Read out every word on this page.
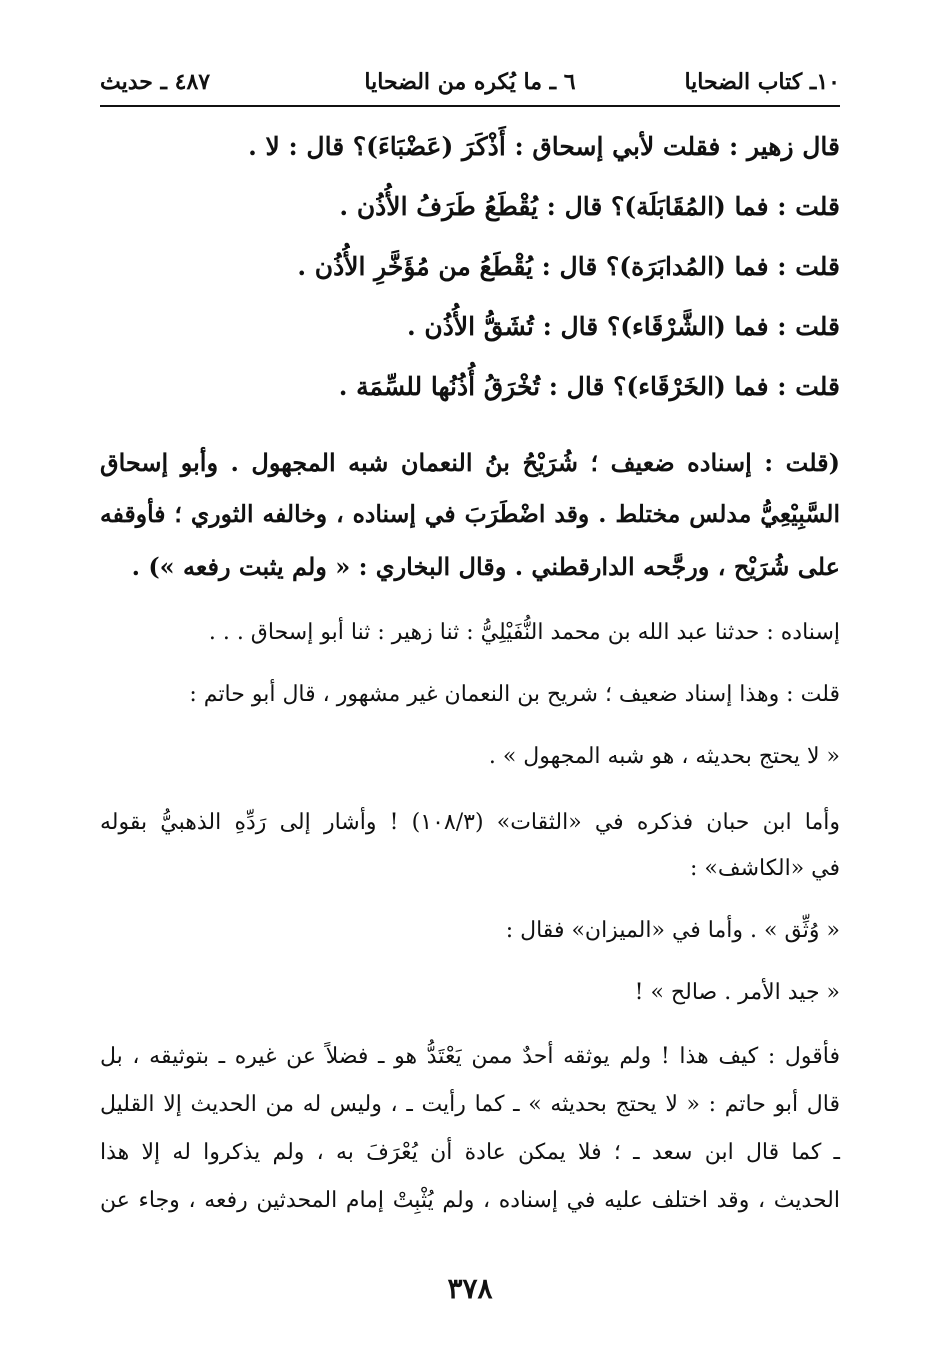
١٠ـ كتاب الضحايا
٦ ـ ما يُكره من الضحايا
٤٨٧ ـ حديث
قال زهير : فقلت لأبي إسحاق : أَذْكَرَ (عَضْبَاءَ)؟ قال : لا .
قلت : فما (المُقَابَلَة)؟ قال : يُقْطَعُ طَرَفُ الأُذُن .
قلت : فما (المُدابَرَة)؟ قال : يُقْطَعُ من مُؤَخَّرِ الأُذُن .
قلت : فما (الشَّرْقَاء)؟ قال : تُشَقُّ الأُذُن .
قلت : فما (الخَرْقَاء)؟ قال : تُخْرَقُ أُذُنُها للسِّمَة .
(قلت : إسناده ضعيف ؛ شُرَيْحُ بنُ النعمان شبه المجهول . وأبو إسحاق
السَّبِيْعِيُّ مدلس مختلط . وقد اضْطَرَبَ في إسناده ، وخالفه الثوري ؛ فأوقفه
على شُرَيْح ، ورجَّحه الدارقطني . وقال البخاري : « ولم يثبت رفعه ») .
إسناده : حدثنا عبد الله بن محمد النُّفَيْلِيُّ : ثنا زهير : ثنا أبو إسحاق . . .
قلت : وهذا إسناد ضعيف ؛ شريح بن النعمان غير مشهور ، قال أبو حاتم :
« لا يحتج بحديثه ، هو شبه المجهول » .
وأما ابن حبان فذكره في «الثقات» (١٠٨/٣) ! وأشار إلى رَدِّهِ الذهبيُّ بقوله
في «الكاشف» :
« وُثِّق » . وأما في «الميزان» فقال :
« جيد الأمر . صالح » !
فأقول : كيف هذا ! ولم يوثقه أحدٌ ممن يَعْتَدُّ هو ـ فضلاً عن غيره ـ بتوثيقه ، بل
قال أبو حاتم : « لا يحتج بحديثه » ـ كما رأيت ـ ، وليس له من الحديث إلا القليل
ـ كما قال ابن سعد ـ ؛ فلا يمكن عادة أن يُعْرَفَ به ، ولم يذكروا له إلا هذا
الحديث ، وقد اختلف عليه في إسناده ، ولم يُثْبِتْ إمام المحدثين رفعه ، وجاء عن
٣٧٨
